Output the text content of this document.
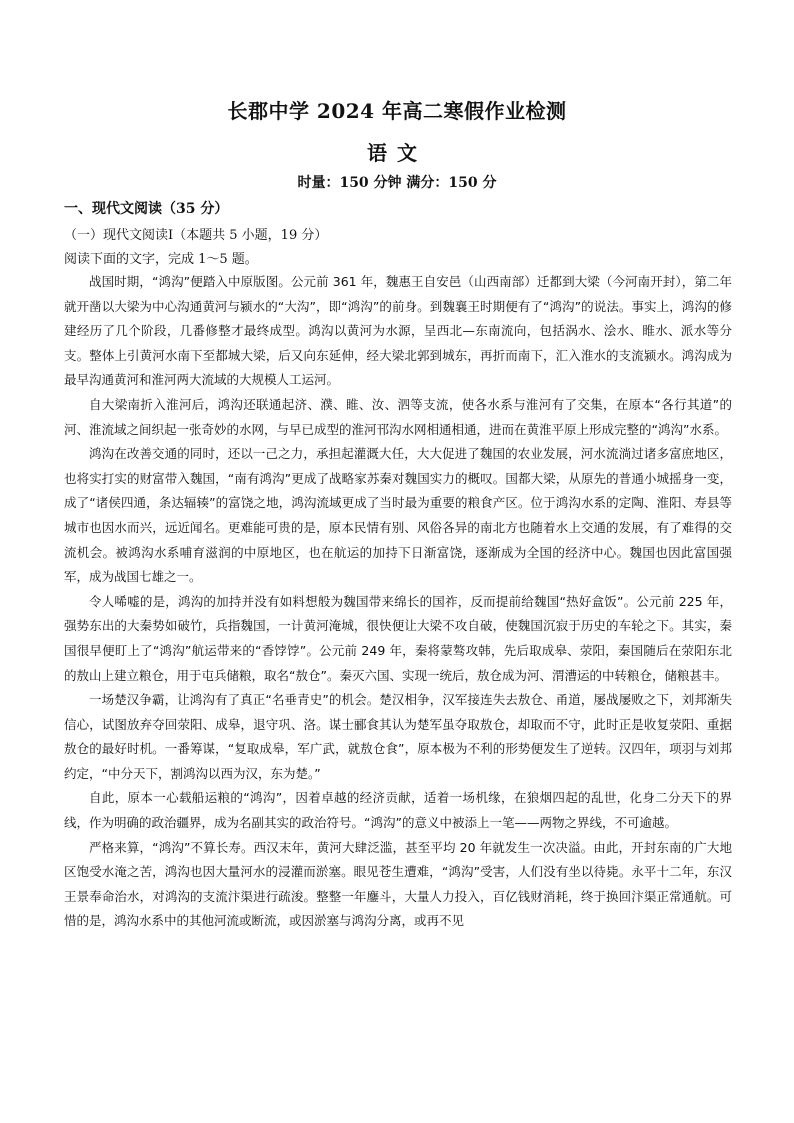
长郡中学 2024 年高二寒假作业检测
语文
时量：150 分钟 满分：150 分
一、现代文阅读（35 分）
（一）现代文阅读Ⅰ（本题共 5 小题，19 分）
阅读下面的文字，完成 1～5 题。

战国时期，“鸿沟”便踏入中原版图。公元前 361 年，魏惠王自安邑（山西南部）迁都到大梁（今河南开封），第二年就开凿以大梁为中心沟通黄河与颍水的“大沟”，即“鸿沟”的前身。到魏襄王时期便有了“鸿沟”的说法。事实上，鸿沟的修建经历了几个阶段，几番修整才最终成型。鸿沟以黄河为水源，呈西北—东南流向，包括涡水、浍水、睢水、派水等分支。整体上引黄河水南下至都城大梁，后又向东延伸，经大梁北郭到城东，再折而南下，汇入淮水的支流颍水。鸿沟成为最早沟通黄河和淮河两大流域的大规模人工运河。

自大梁南折入淮河后，鸿沟还联通起济、濮、睢、汝、泗等支流，使各水系与淮河有了交集，在原本“各行其道”的河、淮流域之间织起一张奇妙的水网，与早已成型的淮河邗沟水网相通相通，进而在黄淮平原上形成完整的“鸿沟”水系。

鸿沟在改善交通的同时，还以一己之力，承担起灌溉大任，大大促进了魏国的农业发展，河水流淌过诸多富庶地区，也将实打实的财富带入魏国，“南有鸿沟”更成了战略家苏秦对魏国实力的概叹。国都大梁，从原先的普通小城摇身一变，成了“诸侯四通，条达辐辏”的富饶之地，鸿沟流域更成了当时最为重要的粮食产区。位于鸿沟水系的定陶、淮阳、寿县等城市也因水而兴，远近闻名。更难能可贵的是，原本民情有别、风俗各异的南北方也随着水上交通的发展，有了难得的交流机会。被鸿沟水系哺育滋润的中原地区，也在航运的加持下日渐富饶，逐渐成为全国的经济中心。魏国也因此富国强军，成为战国七雄之一。

令人唏嘘的是，鸿沟的加持并没有如料想般为魏国带来绵长的国祚，反而提前给魏国“热好盒饭”。公元前 225 年，强势东出的大秦势如破竹，兵指魏国，一计黄河淹城，很快便让大梁不攻自破，使魏国沉寂于历史的车轮之下。其实，秦国很早便盯上了“鸿沟”航运带来的“香饽饽”。公元前 249 年，秦将蒙骜攻韩，先后取成皋、荥阳，秦国随后在荥阳东北的敖山上建立粮仓，用于屯兵储粮，取名“敖仓”。秦灭六国、实现一统后，敖仓成为河、渭漕运的中转粮仓，储粮甚丰。

一场楚汉争霸，让鸿沟有了真正“名垂青史”的机会。楚汉相争，汉军接连失去敖仓、甬道，屡战屡败之下，刘邦渐失信心，试图放弃夺回荥阳、成皋，退守巩、洛。谋士郦食其认为楚军虽夺取敖仓，却取而不守，此时正是收复荥阳、重据敖仓的最好时机。一番筹谋，“复取成皋，军广武，就敖仓食”，原本极为不利的形势便发生了逆转。汉四年，项羽与刘邦约定，“中分天下，割鸿沟以西为汉，东为楚。”

自此，原本一心载船运粮的“鸿沟”，因着卓越的经济贡献，适着一场机缘，在狼烟四起的乱世，化身二分天下的界线，作为明确的政治疆界，成为名副其实的政治符号。“鸿沟”的意义中被添上一笔——两物之界线，不可逾越。

严格来算，“鸿沟”不算长寿。西汉末年，黄河大肆泛滥，甚至平均 20 年就发生一次决溢。由此，开封东南的广大地区饱受水淹之苦，鸿沟也因大量河水的浸灌而淤塞。眼见苍生遭难，“鸿沟”受害，人们没有坐以待毙。永平十二年，东汉王景奉命治水，对鸿沟的支流汴渠进行疏浚。整整一年鏖斗，大量人力投入，百亿钱财消耗，终于换回汴渠正常通航。可惜的是，鸿沟水系中的其他河流或断流，或因淤塞与鸿沟分离，或再不见
